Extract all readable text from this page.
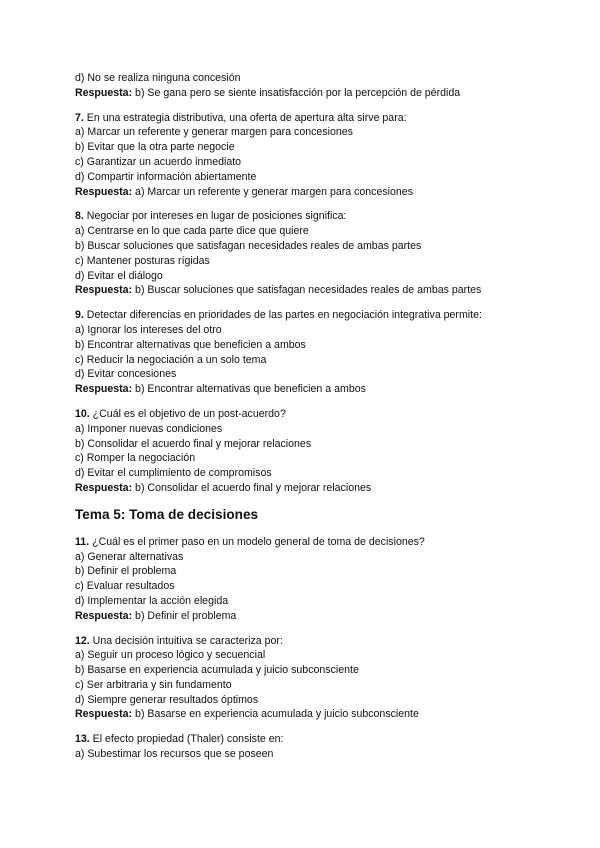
d) No se realiza ninguna concesión
Respuesta: b) Se gana pero se siente insatisfacción por la percepción de pérdida
7. En una estrategia distributiva, una oferta de apertura alta sirve para:
a) Marcar un referente y generar margen para concesiones
b) Evitar que la otra parte negocie
c) Garantizar un acuerdo inmediato
d) Compartir información abiertamente
Respuesta: a) Marcar un referente y generar margen para concesiones
8. Negociar por intereses en lugar de posiciones significa:
a) Centrarse en lo que cada parte dice que quiere
b) Buscar soluciones que satisfagan necesidades reales de ambas partes
c) Mantener posturas rígidas
d) Evitar el diálogo
Respuesta: b) Buscar soluciones que satisfagan necesidades reales de ambas partes
9. Detectar diferencias en prioridades de las partes en negociación integrativa permite:
a) Ignorar los intereses del otro
b) Encontrar alternativas que beneficien a ambos
c) Reducir la negociación a un solo tema
d) Evitar concesiones
Respuesta: b) Encontrar alternativas que beneficien a ambos
10. ¿Cuál es el objetivo de un post-acuerdo?
a) Imponer nuevas condiciones
b) Consolidar el acuerdo final y mejorar relaciones
c) Romper la negociación
d) Evitar el cumplimiento de compromisos
Respuesta: b) Consolidar el acuerdo final y mejorar relaciones
Tema 5: Toma de decisiones
11. ¿Cuál es el primer paso en un modelo general de toma de decisiones?
a) Generar alternativas
b) Definir el problema
c) Evaluar resultados
d) Implementar la acción elegida
Respuesta: b) Definir el problema
12. Una decisión intuitiva se caracteriza por:
a) Seguir un proceso lógico y secuencial
b) Basarse en experiencia acumulada y juicio subconsciente
c) Ser arbitraria y sin fundamento
d) Siempre generar resultados óptimos
Respuesta: b) Basarse en experiencia acumulada y juicio subconsciente
13. El efecto propiedad (Thaler) consiste en:
a) Subestimar los recursos que se poseen
